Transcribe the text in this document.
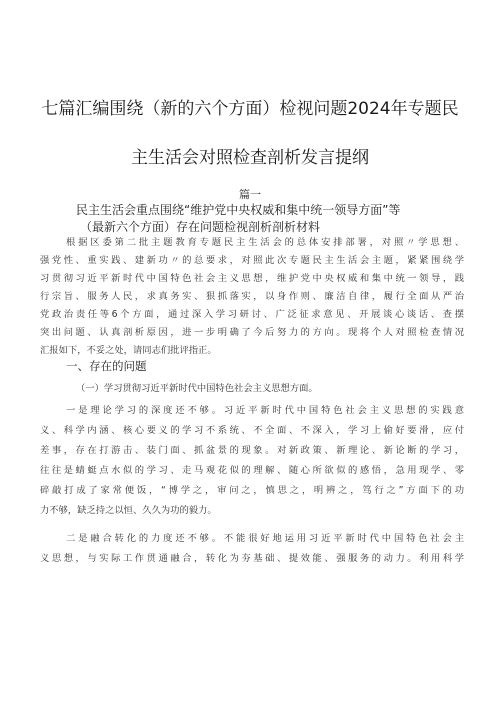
七篇汇编围绕（新的六个方面）检视问题2024年专题民
主生活会对照检查剖析发言提纲
篇一
民主生活会重点围绕“维护党中央权威和集中统一领导方面”等
（最新六个方面）存在问题检视剖析剖析材料
根据区委第二批主题教育专题民主生活会的总体安排部署，对照〃学思想、
强党性、重实践、建新功〃的总要求，对照此次专题民主生活会主题，紧紧围绕学
习贯彻习近平新时代中国特色社会主义思想，维护党中央权威和集中统一领导，践
行宗旨、服务人民，求真务实、狠抓落实，以身作则、廉洁自律，履行全面从严治
党政治责任等6个方面，通过深入学习研讨、广泛征求意见、开展谈心谈话、查摆
突出问题、认真剖析原因，进一步明确了今后努力的方向。现将个人对照检查情况
汇报如下，不妥之处，请同志们批评指正。
一、存在的问题
（一）学习贯彻习近平新时代中国特色社会主义思想方面。
一是理论学习的深度还不够。习近平新时代中国特色社会主义思想的实践意
义、科学内涵、核心要义的学习不系统、不全面、不深入，学习上偷好要滑，应付
差事，存在打游击、装门面、抓盆景的现象。对新政策、新理论、新论断的学习，
往往是蜻蜓点水似的学习、走马观花似的理解、随心所欲似的感悟，急用现学、零
碎敲打成了家常便饭，“博学之，审问之，慎思之，明辨之，笃行之”方面下的功
力不够，缺乏持之以恒、久久为功的毅力。
二是融合转化的力度还不够。不能很好地运用习近平新时代中国特色社会主
义思想，与实际工作贯通融合，转化为夯基础、提效能、强服务的动力。利用科学
